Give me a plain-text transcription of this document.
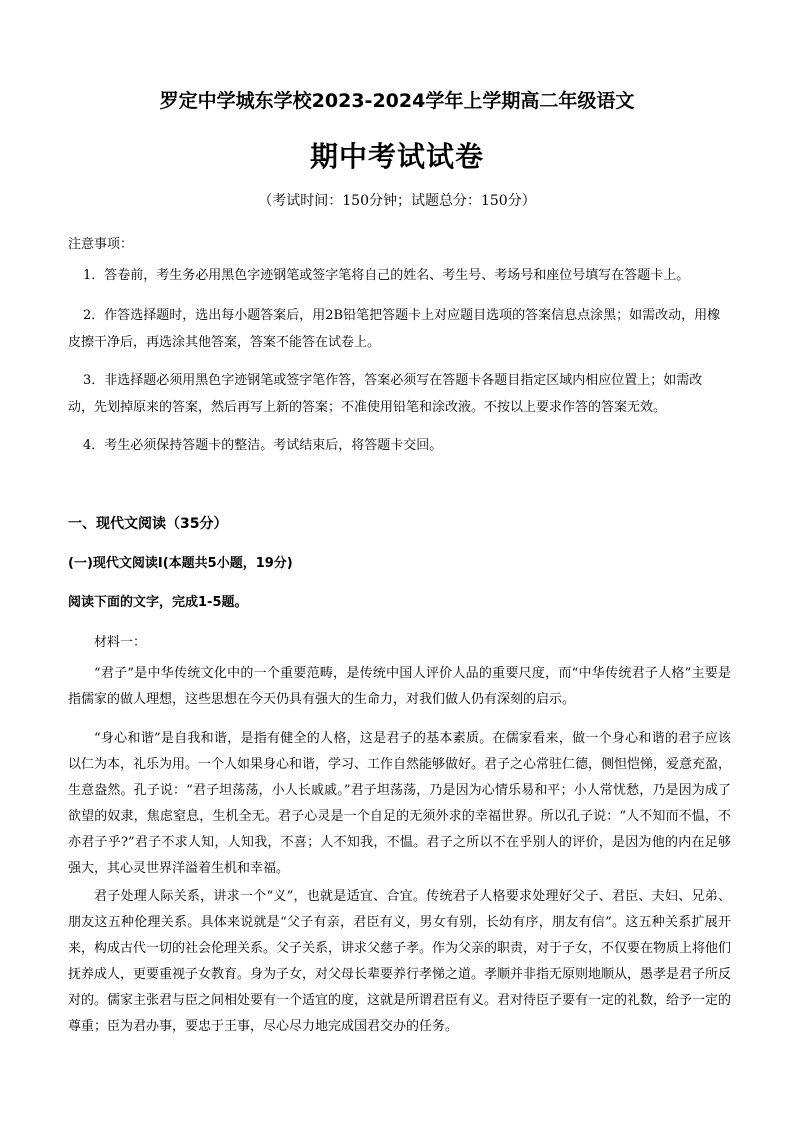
罗定中学城东学校2023-2024学年上学期高二年级语文
期中考试试卷
（考试时间：150分钟；试题总分：150分）
注意事项：
1．答卷前，考生务必用黑色字迹钢笔或签字笔将自己的姓名、考生号、考场号和座位号填写在答题卡上。
2．作答选择题时，选出每小题答案后，用2B铅笔把答题卡上对应题目选项的答案信息点涂黑；如需改动，用橡皮擦干净后，再选涂其他答案，答案不能答在试卷上。
3．非选择题必须用黑色字迹钢笔或签字笔作答，答案必须写在答题卡各题目指定区域内相应位置上；如需改动，先划掉原来的答案，然后再写上新的答案；不准使用铅笔和涂改液。不按以上要求作答的答案无效。
4．考生必须保持答题卡的整洁。考试结束后，将答题卡交回。
一、现代文阅读（35分）
(一)现代文阅读Ⅰ(本题共5小题，19分)
阅读下面的文字，完成1-5题。
材料一：
“君子”是中华传统文化中的一个重要范畴，是传统中国人评价人品的重要尺度，而“中华传统君子人格”主要是指儒家的做人理想，这些思想在今天仍具有强大的生命力，对我们做人仍有深刻的启示。
“身心和谐”是自我和谐，是指有健全的人格，这是君子的基本素质。在儒家看来，做一个身心和谐的君子应该以仁为本，礼乐为用。一个人如果身心和谐，学习、工作自然能够做好。君子之心常驻仁德，侧怛恺悌，爱意充盈，生意盎然。孔子说：“君子坦荡荡，小人长戚戚。”君子坦荡荡，乃是因为心情乐易和平；小人常忧愁，乃是因为成了欲望的奴隶，焦虑窒息，生机全无。君子心灵是一个自足的无须外求的幸福世界。所以孔子说：“人不知而不愠，不亦君子乎?”君子不求人知，人知我，不喜；人不知我，不愠。君子之所以不在乎别人的评价，是因为他的内在足够强大，其心灵世界洋溢着生机和幸福。
君子处理人际关系，讲求一个“义”，也就是适宜、合宜。传统君子人格要求处理好父子、君臣、夫妇、兄弟、朋友这五种伦理关系。具体来说就是“父子有亲，君臣有义，男女有别，长幼有序，朋友有信”。这五种关系扩展开来，构成古代一切的社会伦理关系。父子关系，讲求父慈子孝。作为父亲的职责，对于子女，不仅要在物质上将他们抚养成人，更要重视子女教育。身为子女，对父母长辈要养行孝悌之道。孝顺并非指无原则地顺从，愚孝是君子所反对的。儒家主张君与臣之间相处要有一个适宜的度，这就是所谓君臣有义。君对待臣子要有一定的礼数，给予一定的尊重；臣为君办事，要忠于王事，尽心尽力地完成国君交办的任务。
